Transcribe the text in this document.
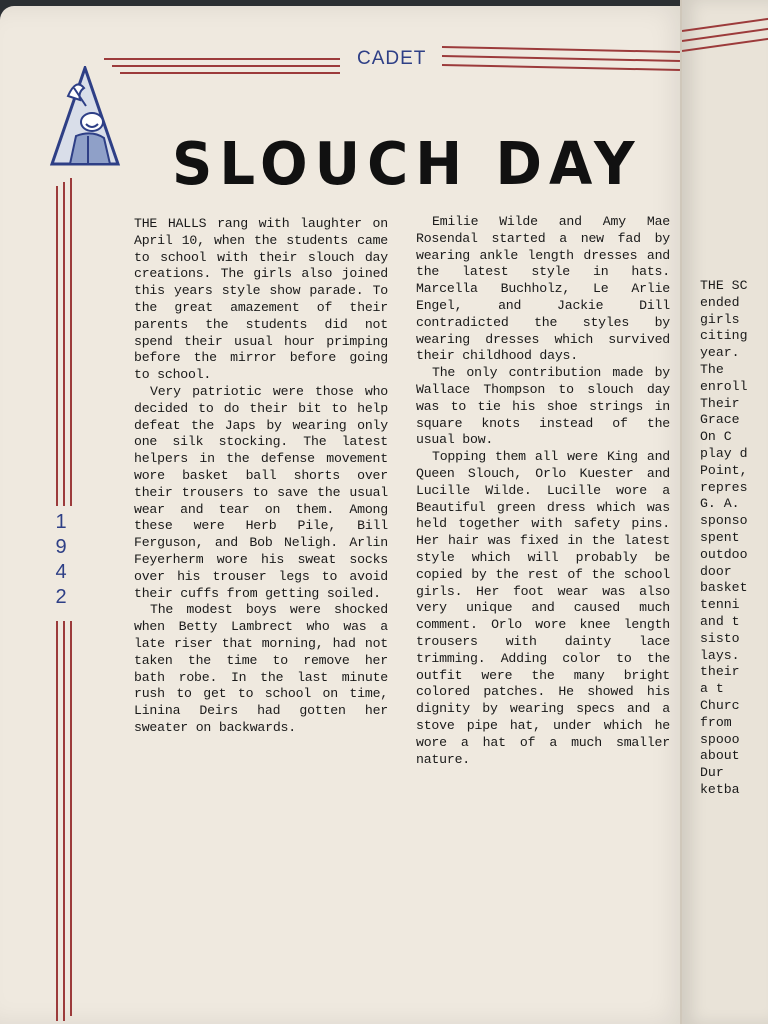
CADET
SLOUCH DAY
1
9
4
2

THE HALLS rang with laughter on April 10, when the students came to school with their slouch day creations. The girls also joined this years style show parade. To the great amazement of their parents the students did not spend their usual hour primping before the mirror before going to school.

Very patriotic were those who decided to do their bit to help defeat the Japs by wearing only one silk stocking. The latest helpers in the defense movement wore basket ball shorts over their trousers to save the usual wear and tear on them. Among these were Herb Pile, Bill Ferguson, and Bob Neligh. Arlin Feyerherm wore his sweat socks over his trouser legs to avoid their cuffs from getting soiled.

The modest boys were shocked when Betty Lambrect who was a late riser that morning, had not taken the time to remove her bath robe. In the last minute rush to get to school on time, Linina Deirs had gotten her sweater on backwards.

Emilie Wilde and Amy Mae Rosendal started a new fad by wearing ankle length dresses and the latest style in hats. Marcella Buchholz, Le Arlie Engel, and Jackie Dill contradicted the styles by wearing dresses which survived their childhood days.

The only contribution made by Wallace Thompson to slouch day was to tie his shoe strings in square knots instead of the usual bow.

Topping them all were King and Queen Slouch, Orlo Kuester and Lucille Wilde. Lucille wore a Beautiful green dress which was held together with safety pins. Her hair was fixed in the latest style which will probably be copied by the rest of the school girls. Her foot wear was also very unique and caused much comment. Orlo wore knee length trousers with dainty lace trimming. Adding color to the outfit were the many bright colored patches. He showed his dignity by wearing specs and a stove pipe hat, under which he wore a hat of a much smaller nature.

THE SC
ended
girls
citing
year.
The
enroll
Their
Grace
On C
play d
Point,
repres
G. A.
sponso
spent
outdoo
door
basket
tenni
and t
sisto
lays.
their
a t
Churc
from
spooo
about
Dur
ketba
